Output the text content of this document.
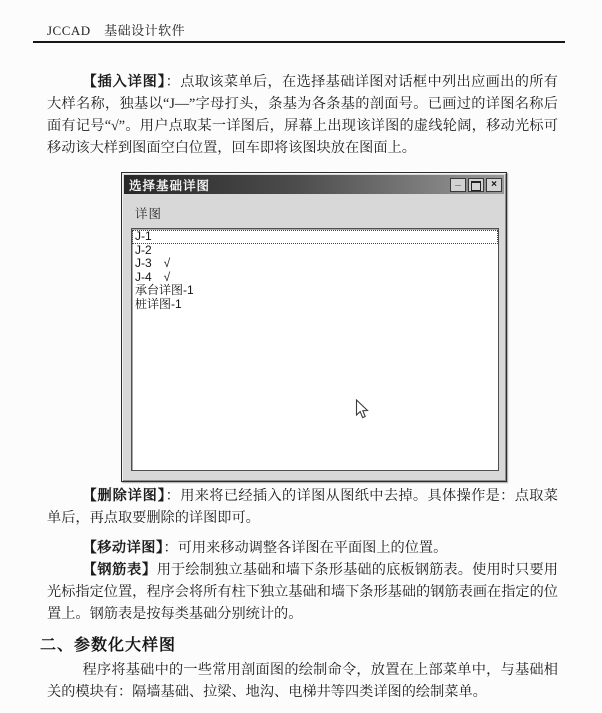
JCCAD　基础设计软件

【插入详图】：点取该菜单后，在选择基础详图对话框中列出应画出的所有大样名称，独基以“J—”字母打头，条基为各条基的剖面号。已画过的详图名称后面有记号“√”。用户点取某一详图后，屏幕上出现该详图的虚线轮阔，移动光标可移动该大样到图面空白位置，回车即将该图块放在图面上。

选择基础详图	_	×
详图
J-1
J-2
J-3 √
J-4 √
承台详图-1
桩详图-1

【删除详图】：用来将已经插入的详图从图纸中去掉。具体操作是：点取菜单后，再点取要删除的详图即可。

【移动详图】：可用来移动调整各详图在平面图上的位置。

【钢筋表】用于绘制独立基础和墙下条形基础的底板钢筋表。使用时只要用光标指定位置，程序会将所有柱下独立基础和墙下条形基础的钢筋表画在指定的位置上。钢筋表是按每类基础分别统计的。

二、参数化大样图

程序将基础中的一些常用剖面图的绘制命令，放置在上部菜单中，与基础相关的模块有：隔墙基础、拉梁、地沟、电梯井等四类详图的绘制菜单。
